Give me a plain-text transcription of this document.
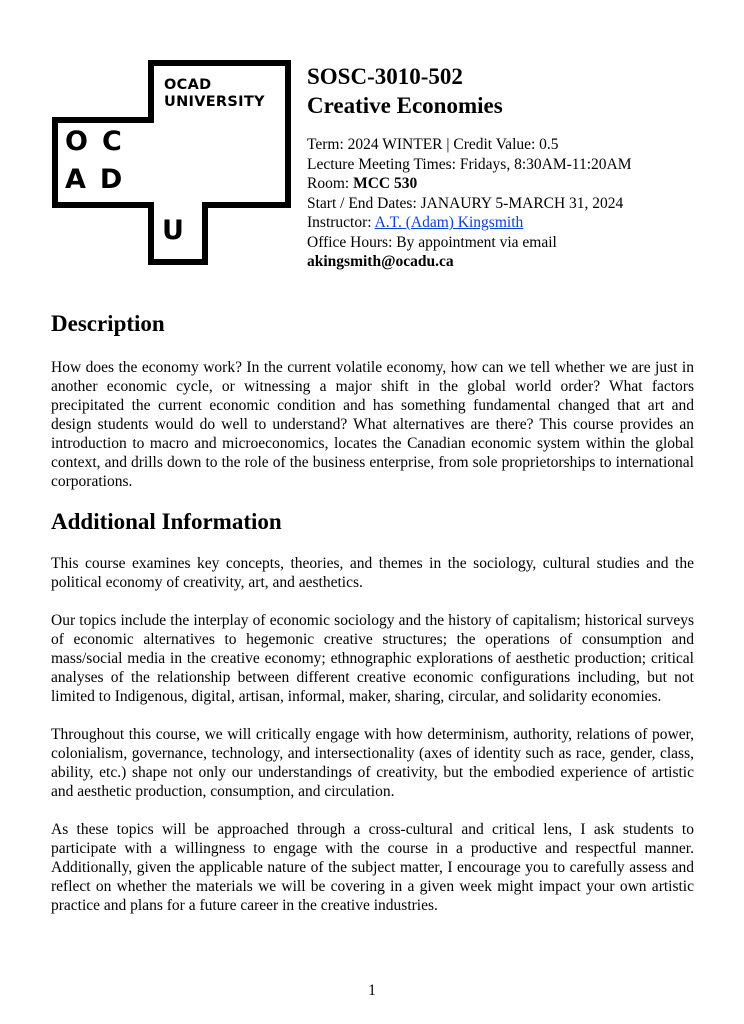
OCAD
UNIVERSITY
OC
AD
U
SOSC-3010-502
Creative Economies
Term: 2024 WINTER | Credit Value: 0.5
Lecture Meeting Times: Fridays, 8:30AM-11:20AM
Room: MCC 530
Start / End Dates: JANAURY 5-MARCH 31, 2024
Instructor: A.T. (Adam) Kingsmith
Office Hours: By appointment via email
akingsmith@ocadu.ca
Description

How does the economy work? In the current volatile economy, how can we tell whether we are just in another economic cycle, or witnessing a major shift in the global world order? What factors precipitated the current economic condition and has something fundamental changed that art and design students would do well to understand? What alternatives are there? This course provides an introduction to macro and microeconomics, locates the Canadian economic system within the global context, and drills down to the role of the business enterprise, from sole proprietorships to international corporations.

Additional Information

This course examines key concepts, theories, and themes in the sociology, cultural studies and the political economy of creativity, art, and aesthetics.

Our topics include the interplay of economic sociology and the history of capitalism; historical surveys of economic alternatives to hegemonic creative structures; the operations of consumption and mass/social media in the creative economy; ethnographic explorations of aesthetic production; critical analyses of the relationship between different creative economic configurations including, but not limited to Indigenous, digital, artisan, informal, maker, sharing, circular, and solidarity economies.

Throughout this course, we will critically engage with how determinism, authority, relations of power, colonialism, governance, technology, and intersectionality (axes of identity such as race, gender, class, ability, etc.) shape not only our understandings of creativity, but the embodied experience of artistic and aesthetic production, consumption, and circulation.

As these topics will be approached through a cross-cultural and critical lens, I ask students to participate with a willingness to engage with the course in a productive and respectful manner. Additionally, given the applicable nature of the subject matter, I encourage you to carefully assess and reflect on whether the materials we will be covering in a given week might impact your own artistic practice and plans for a future career in the creative industries.

1
